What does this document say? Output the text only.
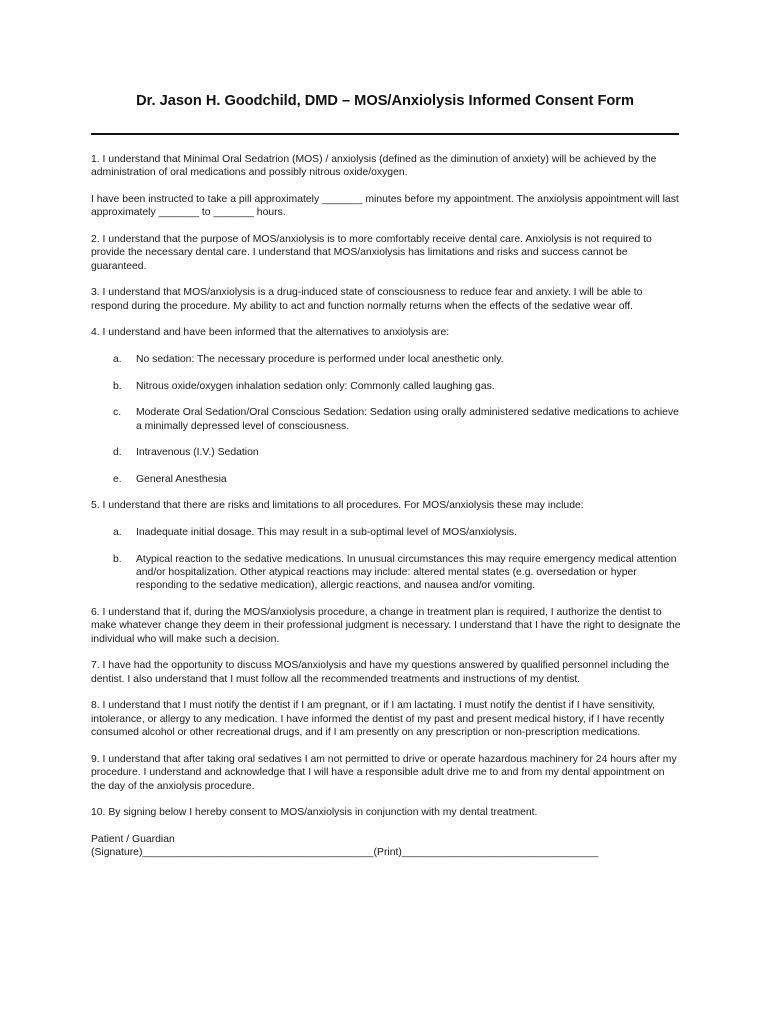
Dr. Jason H. Goodchild, DMD – MOS/Anxiolysis Informed Consent Form

1. I understand that Minimal Oral Sedatrion (MOS) / anxiolysis (defined as the diminution of anxiety) will be achieved by the administration of oral medications and possibly nitrous oxide/oxygen.

I have been instructed to take a pill approximately _______ minutes before my appointment. The anxiolysis appointment will last approximately _______ to _______ hours.

2. I understand that the purpose of MOS/anxiolysis is to more comfortably receive dental care. Anxiolysis is not required to provide the necessary dental care. I understand that MOS/anxiolysis has limitations and risks and success cannot be guaranteed.

3. I understand that MOS/anxiolysis is a drug-induced state of consciousness to reduce fear and anxiety. I will be able to respond during the procedure. My ability to act and function normally returns when the effects of the sedative wear off.

4. I understand and have been informed that the alternatives to anxiolysis are:

a. No sedation: The necessary procedure is performed under local anesthetic only.
b. Nitrous oxide/oxygen inhalation sedation only: Commonly called laughing gas.
c. Moderate Oral Sedation/Oral Conscious Sedation: Sedation using orally administered sedative medications to achieve a minimally depressed level of consciousness.
d. Intravenous (I.V.) Sedation
e. General Anesthesia

5. I understand that there are risks and limitations to all procedures. For MOS/anxiolysis these may include:

a. Inadequate initial dosage. This may result in a sub-optimal level of MOS/anxiolysis.
b. Atypical reaction to the sedative medications. In unusual circumstances this may require emergency medical attention and/or hospitalization. Other atypical reactions may include: altered mental states (e.g. oversedation or hyper responding to the sedative medication), allergic reactions, and nausea and/or vomiting.

6. I understand that if, during the MOS/anxiolysis procedure, a change in treatment plan is required, I authorize the dentist to make whatever change they deem in their professional judgment is necessary. I understand that I have the right to designate the individual who will make such a decision.

7. I have had the opportunity to discuss MOS/anxiolysis and have my questions answered by qualified personnel including the dentist. I also understand that I must follow all the recommended treatments and instructions of my dentist.

8. I understand that I must notify the dentist if I am pregnant, or if I am lactating. I must notify the dentist if I have sensitivity, intolerance, or allergy to any medication. I have informed the dentist of my past and present medical history, if I have recently consumed alcohol or other recreational drugs, and if I am presently on any prescription or non-prescription medications.

9. I understand that after taking oral sedatives I am not permitted to drive or operate hazardous machinery for 24 hours after my procedure. I understand and acknowledge that I will have a responsible adult drive me to and from my dental appointment on the day of the anxiolysis procedure.

10. By signing below I hereby consent to MOS/anxiolysis in conjunction with my dental treatment.

Patient / Guardian
(Signature)________________________________________(Print)__________________________________
